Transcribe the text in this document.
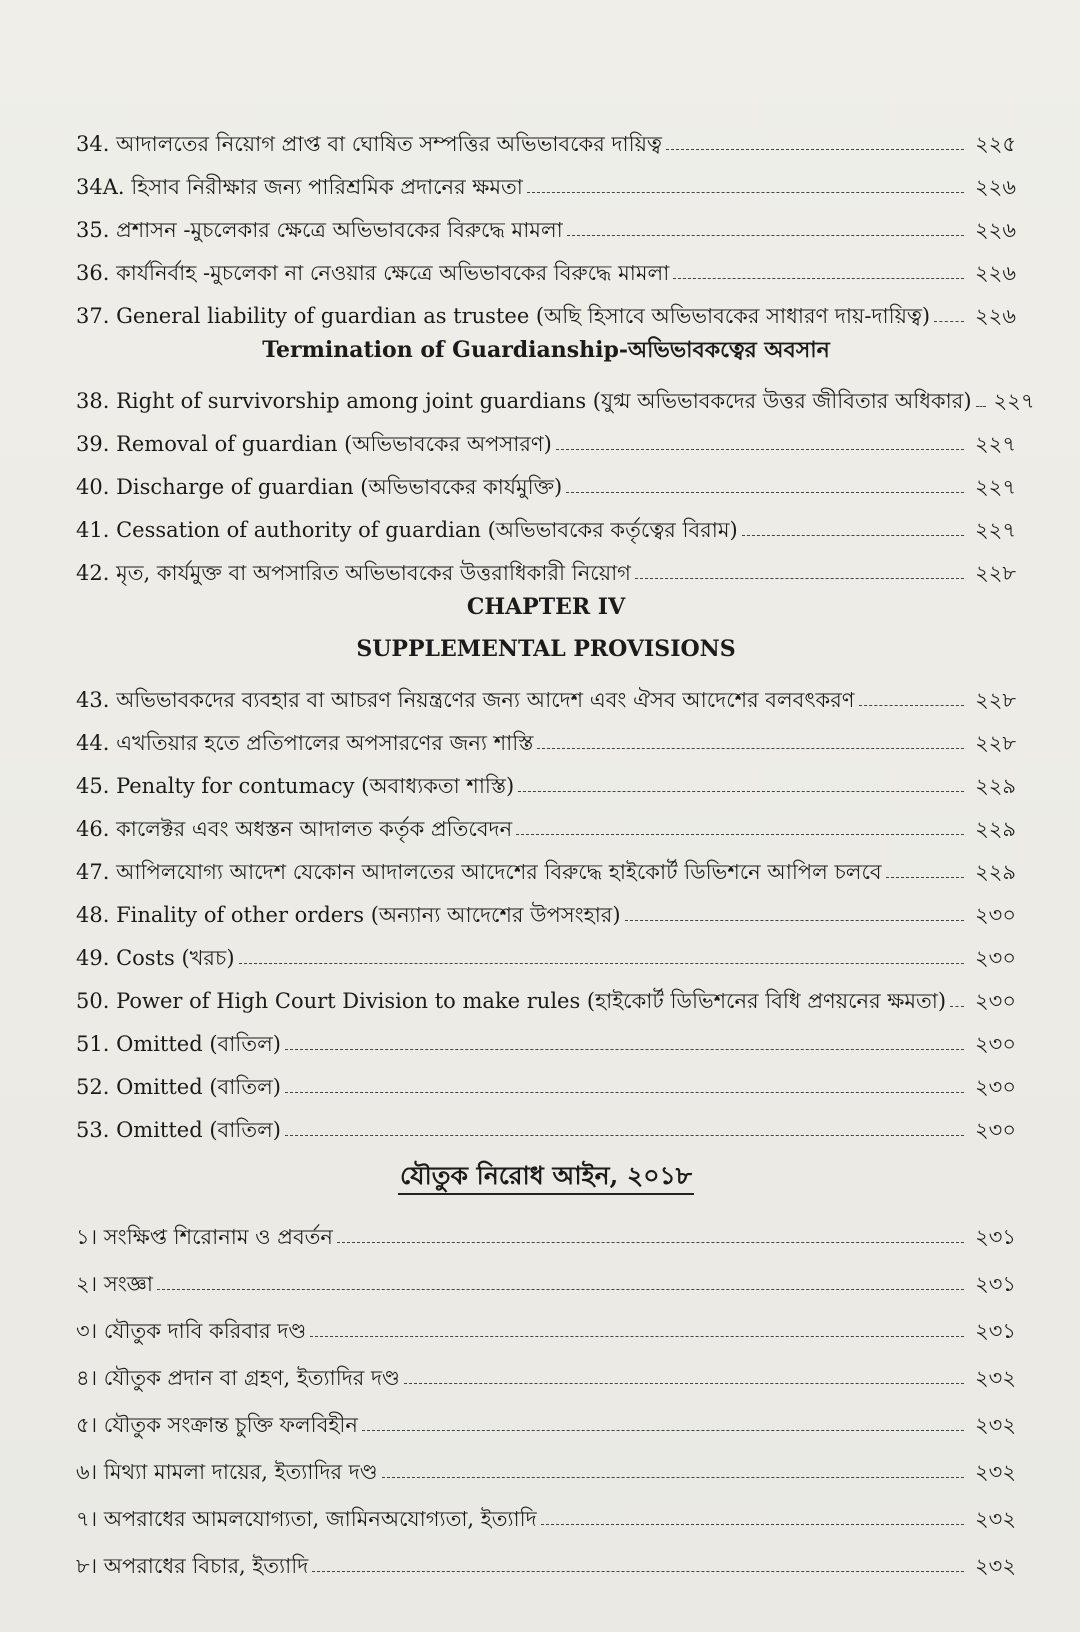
34. আদালতের নিয়োগ প্রাপ্ত বা ঘোষিত সম্পত্তির অভিভাবকের দায়িত্ব	২২৫
34A. হিসাব নিরীক্ষার জন্য পারিশ্রমিক প্রদানের ক্ষমতা	২২৬
35. প্রশাসন -মুচলেকার ক্ষেত্রে অভিভাবকের বিরুদ্ধে মামলা	২২৬
36. কার্যনির্বাহ -মুচলেকা না নেওয়ার ক্ষেত্রে অভিভাবকের বিরুদ্ধে মামলা	২২৬
37. General liability of guardian as trustee (অছি হিসাবে অভিভাবকের সাধারণ দায়-দায়িত্ব) ২২৬
Termination of Guardianship-অভিভাবকত্বের অবসান
38. Right of survivorship among joint guardians (যুগ্ম অভিভাবকদের উত্তর জীবিতার অধিকার) ২২৭
39. Removal of guardian (অভিভাবকের অপসারণ)	২২৭
40. Discharge of guardian (অভিভাবকের কার্যমুক্তি)	২২৭
41. Cessation of authority of guardian (অভিভাবকের কর্তৃত্বের বিরাম)	২২৭
42. মৃত, কার্যমুক্ত বা অপসারিত অভিভাবকের উত্তরাধিকারী নিয়োগ	২২৮
CHAPTER IV
SUPPLEMENTAL PROVISIONS
43. অভিভাবকদের ব্যবহার বা আচরণ নিয়ন্ত্রণের জন্য আদেশ এবং ঐসব আদেশের বলবৎকরণ	২২৮
44. এখতিয়ার হতে প্রতিপালের অপসারণের জন্য শাস্তি	২২৮
45. Penalty for contumacy (অবাধ্যকতা শাস্তি)	২২৯
46. কালেক্টর এবং অধস্তন আদালত কর্তৃক প্রতিবেদন	২২৯
47. আপিলযোগ্য আদেশ যেকোন আদালতের আদেশের বিরুদ্ধে হাইকোর্ট ডিভিশনে আপিল চলবে	২২৯
48. Finality of other orders (অন্যান্য আদেশের উপসংহার)	২৩০
49. Costs (খরচ)	২৩০
50. Power of High Court Division to make rules (হাইকোর্ট ডিভিশনের বিধি প্রণয়নের ক্ষমতা) ২৩০
51. Omitted (বাতিল)	২৩০
52. Omitted (বাতিল)	২৩০
53. Omitted (বাতিল)	২৩০
যৌতুক নিরোধ আইন, ২০১৮
১। সংক্ষিপ্ত শিরোনাম ও প্রবর্তন	২৩১
২। সংজ্ঞা	২৩১
৩। যৌতুক দাবি করিবার দণ্ড	২৩১
৪। যৌতুক প্রদান বা গ্রহণ, ইত্যাদির দণ্ড	২৩২
৫। যৌতুক সংক্রান্ত চুক্তি ফলবিহীন	২৩২
৬। মিথ্যা মামলা দায়ের, ইত্যাদির দণ্ড	২৩২
৭। অপরাধের আমলযোগ্যতা, জামিনঅযোগ্যতা, ইত্যাদি	২৩২
৮। অপরাধের বিচার, ইত্যাদি	২৩২
